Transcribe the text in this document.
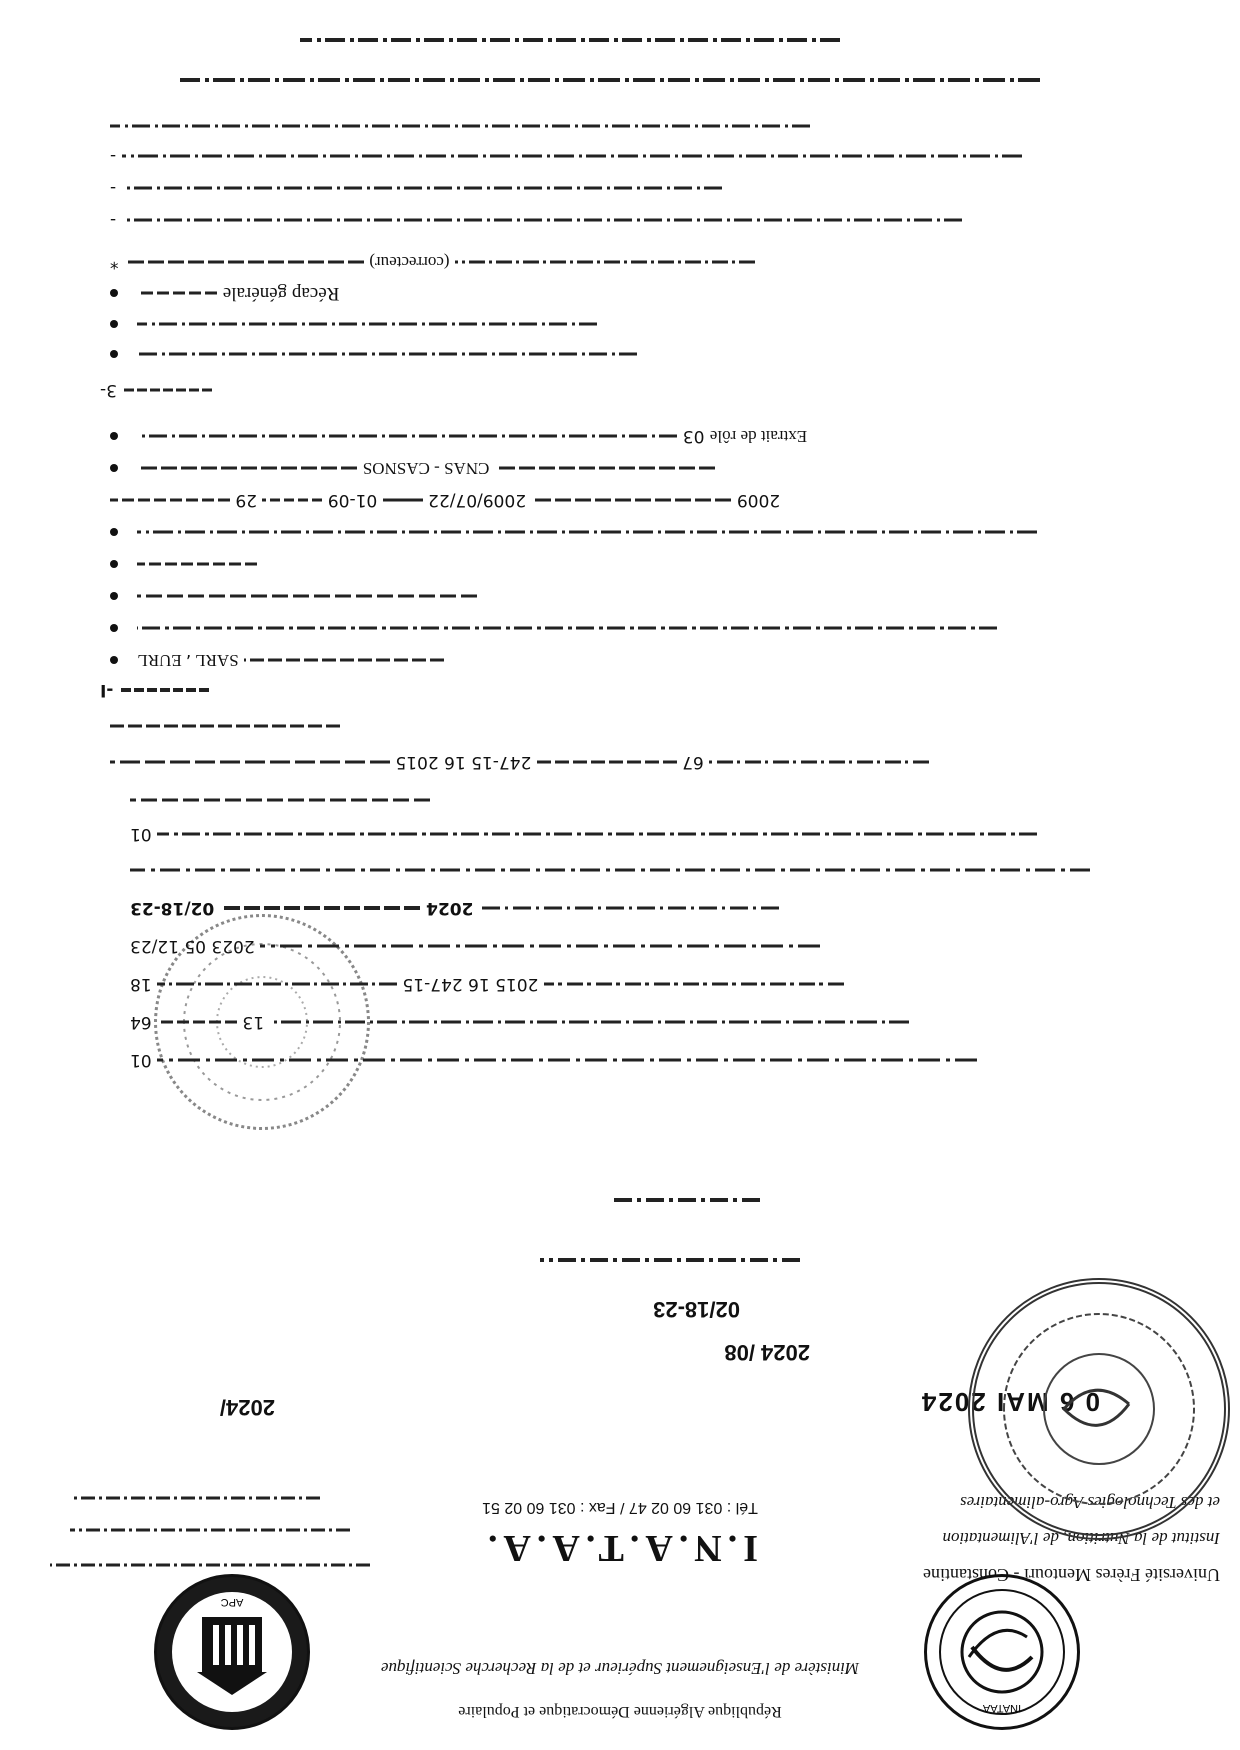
République Algérienne Démocratique et Populaire
Ministère de l'Enseignement Supérieur et de la Recherche Scientifique
INATAA
APC
Université Frères Mentouri - Constantine
Institut de la Nutrition, de l'Alimentation
et des Technologies Agro-alimentaires
I.N.A.T.A.A.
Tél : 031 60 02 47 / Fax : 031 60 02 51
0 6 MAI 2024
2024/
2024 /08
02/18-23
01
64	13
18	247-15 16 2015
12/23 05 2023
02/18-23	2024
01
2015 16 247-15	67
I-
SARL ، EURL

29	01-09	2009/07/22	2009
CNAS - CASNOS
03 Extrait de rôle
-3

Récap générale
*	(correcteur)
-
-
-
